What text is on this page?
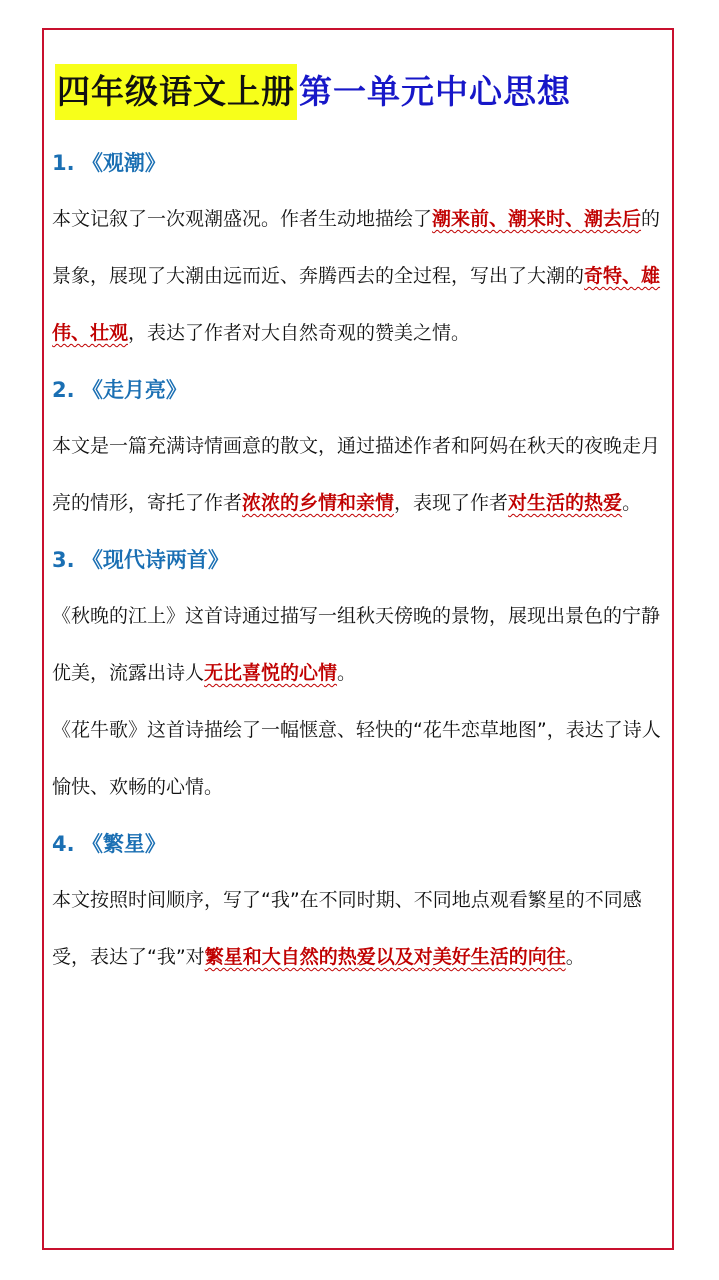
四年级语文上册 第一单元中心思想
1. 《观潮》

本文记叙了一次观潮盛况。作者生动地描绘了潮来前、潮来时、潮去后的景象，展现了大潮由远而近、奔腾西去的全过程，写出了大潮的奇特、雄伟、壮观，表达了作者对大自然奇观的赞美之情。

2. 《走月亮》

本文是一篇充满诗情画意的散文，通过描述作者和阿妈在秋天的夜晚走月亮的情形，寄托了作者浓浓的乡情和亲情，表现了作者对生活的热爱。

3. 《现代诗两首》

《秋晚的江上》这首诗通过描写一组秋天傍晚的景物，展现出景色的宁静优美，流露出诗人无比喜悦的心情。

《花牛歌》这首诗描绘了一幅惬意、轻快的“花牛恋草地图”，表达了诗人愉快、欢畅的心情。

4. 《繁星》

本文按照时间顺序，写了“我”在不同时期、不同地点观看繁星的不同感受，表达了“我”对繁星和大自然的热爱以及对美好生活的向往。
